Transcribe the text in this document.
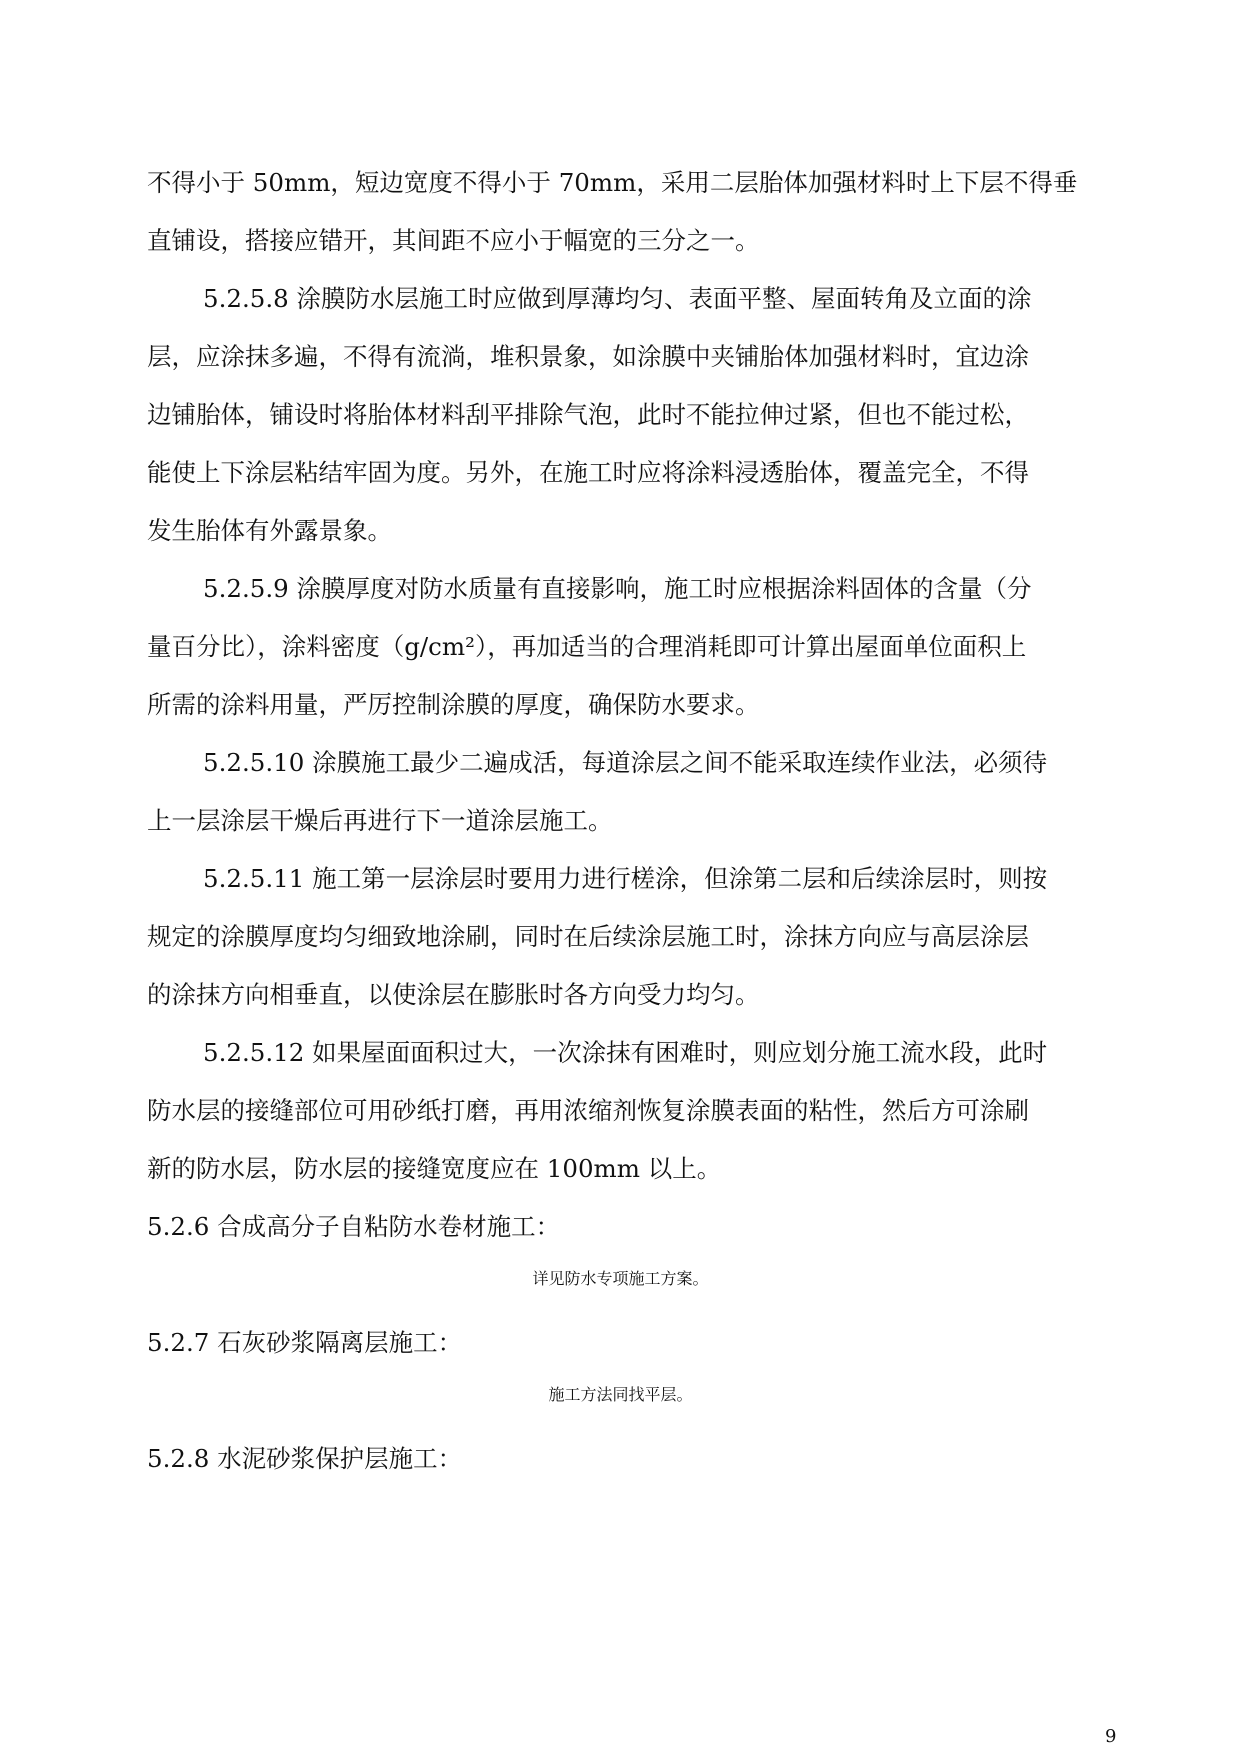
不得小于 50mm，短边宽度不得小于 70mm，采用二层胎体加强材料时上下层不得垂
直铺设，搭接应错开，其间距不应小于幅宽的三分之一。
5.2.5.8 涂膜防水层施工时应做到厚薄均匀、表面平整、屋面转角及立面的涂
层，应涂抹多遍，不得有流淌，堆积景象，如涂膜中夹铺胎体加强材料时，宜边涂
边铺胎体，铺设时将胎体材料刮平排除气泡，此时不能拉伸过紧，但也不能过松，
能使上下涂层粘结牢固为度。另外，在施工时应将涂料浸透胎体，覆盖完全，不得
发生胎体有外露景象。
5.2.5.9 涂膜厚度对防水质量有直接影响，施工时应根据涂料固体的含量（分
量百分比），涂料密度（g/cm²），再加适当的合理消耗即可计算出屋面单位面积上
所需的涂料用量，严厉控制涂膜的厚度，确保防水要求。
5.2.5.10 涂膜施工最少二遍成活，每道涂层之间不能采取连续作业法，必须待
上一层涂层干燥后再进行下一道涂层施工。
5.2.5.11 施工第一层涂层时要用力进行槎涂，但涂第二层和后续涂层时，则按
规定的涂膜厚度均匀细致地涂刷，同时在后续涂层施工时，涂抹方向应与高层涂层
的涂抹方向相垂直，以使涂层在膨胀时各方向受力均匀。
5.2.5.12 如果屋面面积过大，一次涂抹有困难时，则应划分施工流水段，此时
防水层的接缝部位可用砂纸打磨，再用浓缩剂恢复涂膜表面的粘性，然后方可涂刷
新的防水层，防水层的接缝宽度应在 100mm 以上。
5.2.6 合成高分子自粘防水卷材施工：
详见防水专项施工方案。
5.2.7 石灰砂浆隔离层施工：
施工方法同找平层。
5.2.8 水泥砂浆保护层施工：
9
